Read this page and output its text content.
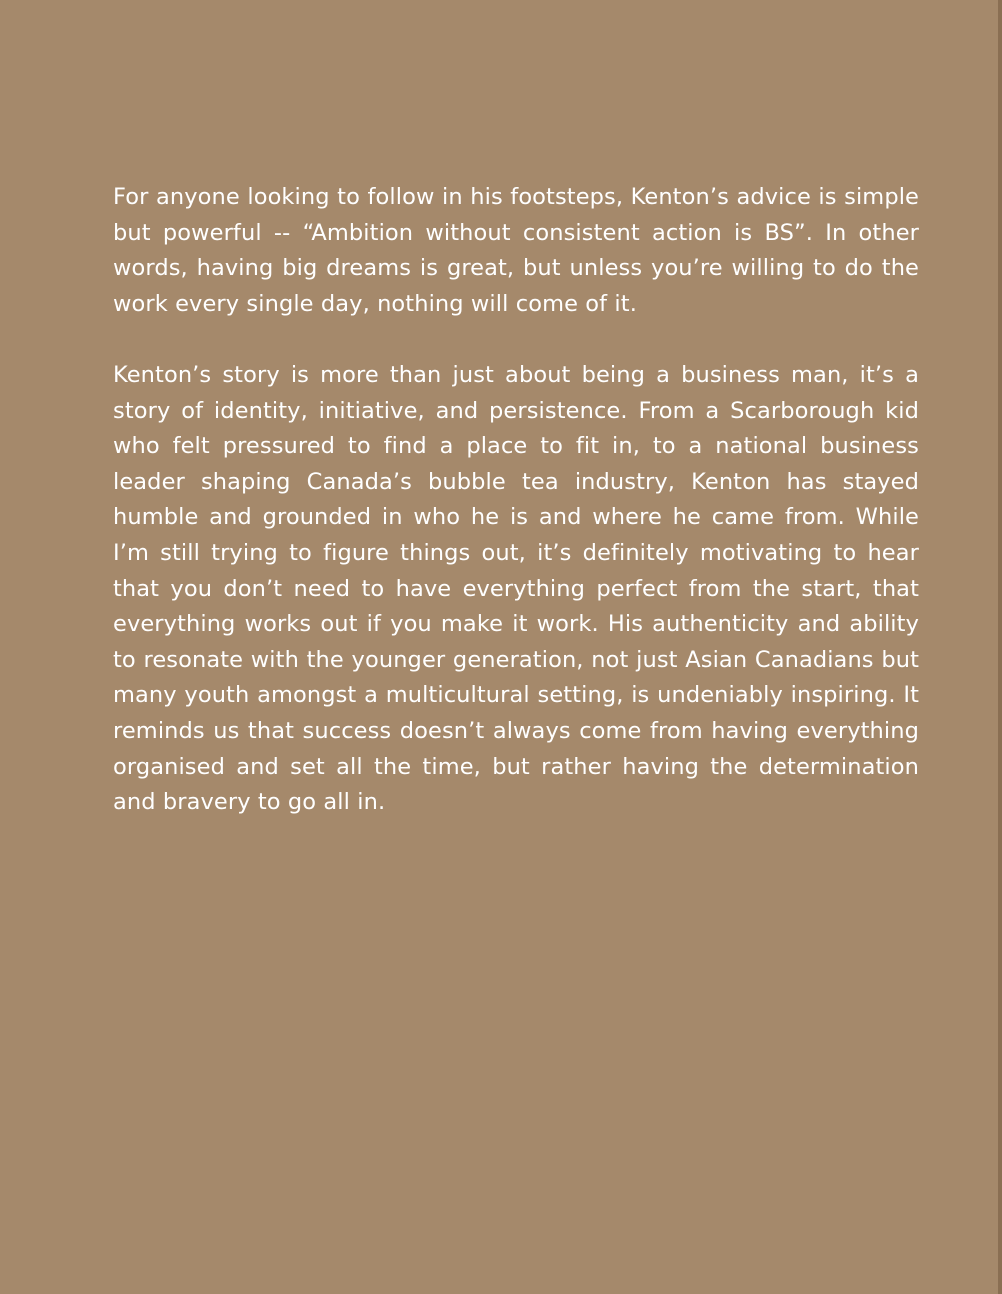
For anyone looking to follow in his footsteps, Kenton’s advice is simple but powerful -- “Ambition without consistent action is BS”. In other words, having big dreams is great, but unless you’re willing to do the work every single day, nothing will come of it.

Kenton’s story is more than just about being a business man, it’s a story of identity, initiative, and persistence. From a Scarborough kid who felt pressured to find a place to fit in, to a national business leader shaping Canada’s bubble tea industry, Kenton has stayed humble and grounded in who he is and where he came from. While I’m still trying to figure things out, it’s definitely motivating to hear that you don’t need to have everything perfect from the start, that everything works out if you make it work. His authenticity and ability to resonate with the younger generation, not just Asian Canadians but many youth amongst a multicultural setting, is undeniably inspiring. It reminds us that success doesn’t always come from having everything organised and set all the time, but rather having the determination and bravery to go all in.
